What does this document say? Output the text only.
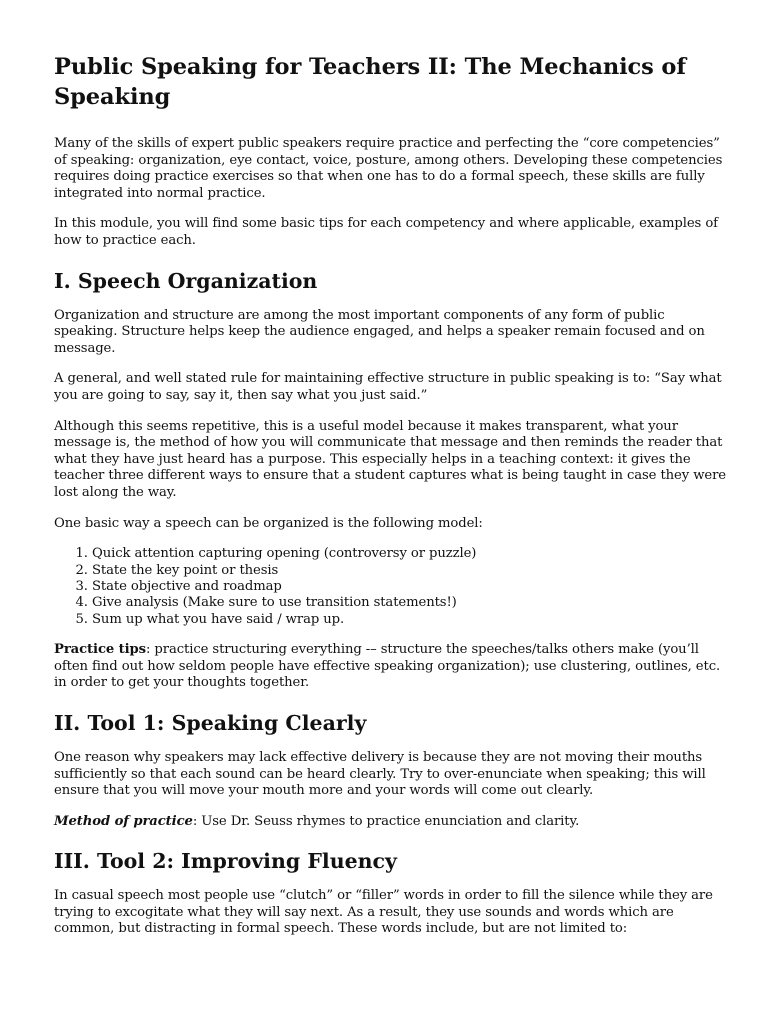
Public Speaking for Teachers II: The Mechanics of Speaking

Many of the skills of expert public speakers require practice and perfecting the “core competencies” of speaking: organization, eye contact, voice, posture, among others. Developing these competencies requires doing practice exercises so that when one has to do a formal speech, these skills are fully integrated into normal practice.

In this module, you will find some basic tips for each competency and where applicable, examples of how to practice each.

I. Speech Organization

Organization and structure are among the most important components of any form of public speaking. Structure helps keep the audience engaged, and helps a speaker remain focused and on message.

A general, and well stated rule for maintaining effective structure in public speaking is to: “Say what you are going to say, say it, then say what you just said.”

Although this seems repetitive, this is a useful model because it makes transparent, what your message is, the method of how you will communicate that message and then reminds the reader that what they have just heard has a purpose. This especially helps in a teaching context: it gives the teacher three different ways to ensure that a student captures what is being taught in case they were lost along the way.

One basic way a speech can be organized is the following model:

1. Quick attention capturing opening (controversy or puzzle)
2. State the key point or thesis
3. State objective and roadmap
4. Give analysis (Make sure to use transition statements!)
5. Sum up what you have said / wrap up.

Practice tips: practice structuring everything -– structure the speeches/talks others make (you’ll often find out how seldom people have effective speaking organization); use clustering, outlines, etc. in order to get your thoughts together.

II. Tool 1: Speaking Clearly

One reason why speakers may lack effective delivery is because they are not moving their mouths sufficiently so that each sound can be heard clearly. Try to over-enunciate when speaking; this will ensure that you will move your mouth more and your words will come out clearly.

Method of practice: Use Dr. Seuss rhymes to practice enunciation and clarity.

III. Tool 2: Improving Fluency

In casual speech most people use “clutch” or “filler” words in order to fill the silence while they are trying to excogitate what they will say next. As a result, they use sounds and words which are common, but distracting in formal speech. These words include, but are not limited to:
